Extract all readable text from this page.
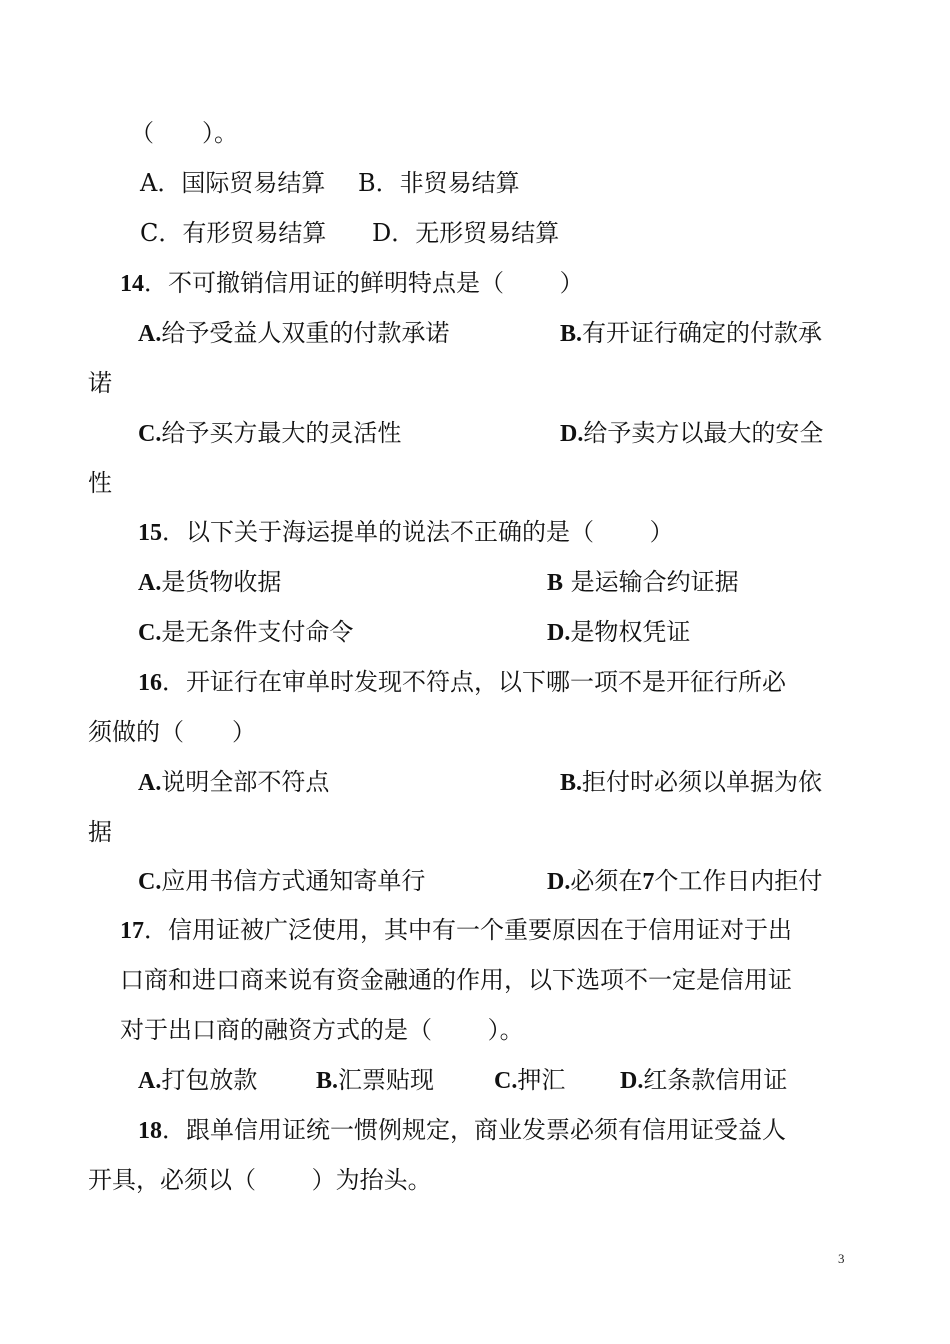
（　　）。
A．国际贸易结算 B．非贸易结算
C．有形贸易结算 D．无形贸易结算
14．不可撤销信用证的鲜明特点是（　　 ）
A.给予受益人双重的付款承诺	B.有开证行确定的付款承
诺
C.给予买方最大的灵活性	D.给予卖方以最大的安全
性
15．以下关于海运提单的说法不正确的是（　　 ）
A.是货物收据	B 是运输合约证据
C.是无条件支付命令	D.是物权凭证
16．开证行在审单时发现不符点，以下哪一项不是开征行所必
须做的（　　）
A.说明全部不符点	B.拒付时必须以单据为依
据
C.应用书信方式通知寄单行	D.必须在7个工作日内拒付
17．信用证被广泛使用，其中有一个重要原因在于信用证对于出
口商和进口商来说有资金融通的作用，以下选项不一定是信用证
对于出口商的融资方式的是（　　 ）。
A.打包放款 B.汇票贴现 C.押汇 D.红条款信用证
18．跟单信用证统一惯例规定，商业发票必须有信用证受益人
开具，必须以（　　 ）为抬头。
3
